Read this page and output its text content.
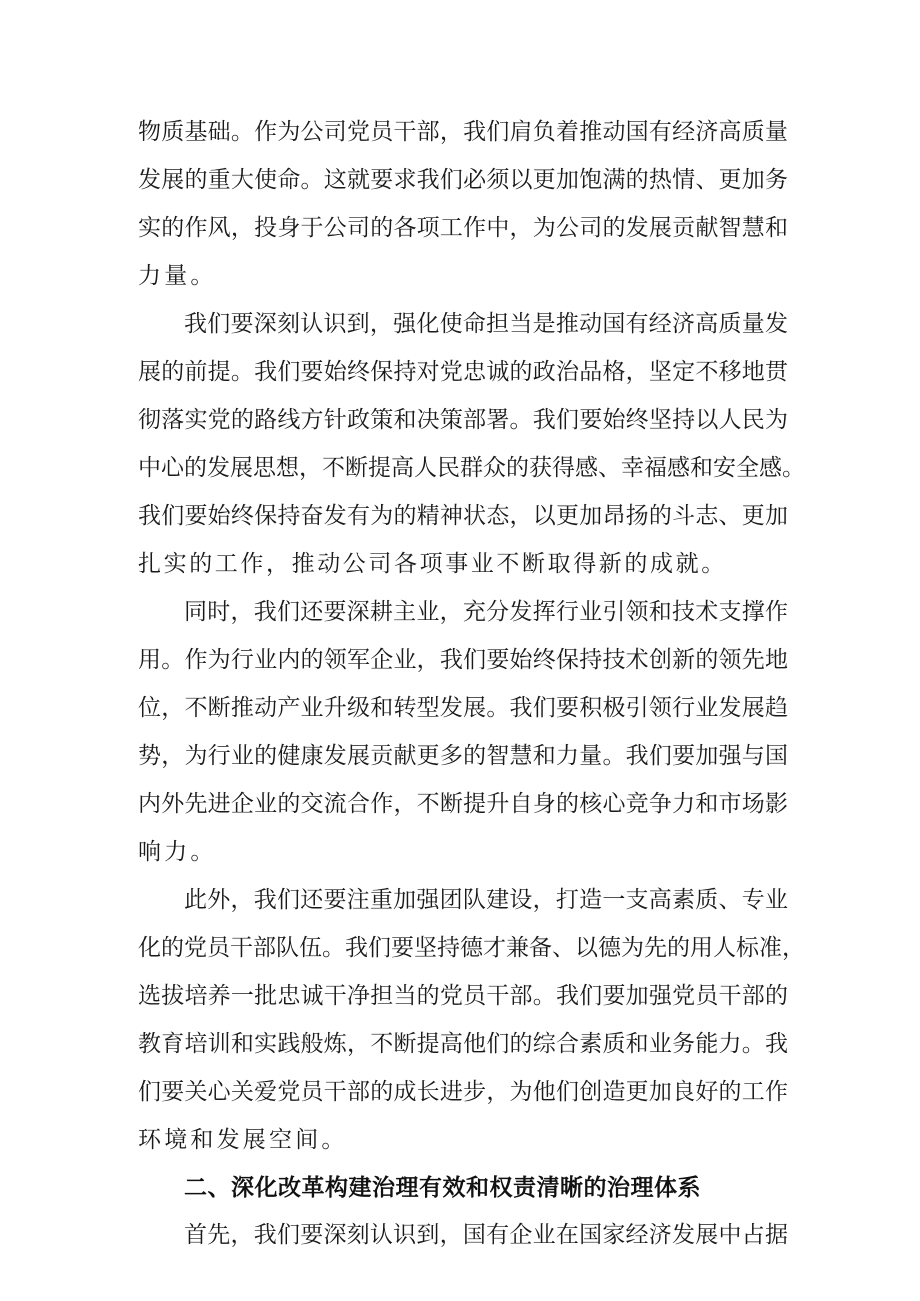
物质基础。作为公司党员干部，我们肩负着推动国有经济高质量
发展的重大使命。这就要求我们必须以更加饱满的热情、更加务
实的作风，投身于公司的各项工作中，为公司的发展贡献智慧和
力量。
我们要深刻认识到，强化使命担当是推动国有经济高质量发
展的前提。我们要始终保持对党忠诚的政治品格，坚定不移地贯
彻落实党的路线方针政策和决策部署。我们要始终坚持以人民为
中心的发展思想，不断提高人民群众的获得感、幸福感和安全感。
我们要始终保持奋发有为的精神状态，以更加昂扬的斗志、更加
扎实的工作，推动公司各项事业不断取得新的成就。
同时，我们还要深耕主业，充分发挥行业引领和技术支撑作
用。作为行业内的领军企业，我们要始终保持技术创新的领先地
位，不断推动产业升级和转型发展。我们要积极引领行业发展趋
势，为行业的健康发展贡献更多的智慧和力量。我们要加强与国
内外先进企业的交流合作，不断提升自身的核心竞争力和市场影
响力。
此外，我们还要注重加强团队建设，打造一支高素质、专业
化的党员干部队伍。我们要坚持德才兼备、以德为先的用人标准，
选拔培养一批忠诚干净担当的党员干部。我们要加强党员干部的
教育培训和实践般炼，不断提高他们的综合素质和业务能力。我
们要关心关爱党员干部的成长进步，为他们创造更加良好的工作
环境和发展空间。
二、深化改革构建治理有效和权责清晰的治理体系
首先，我们要深刻认识到，国有企业在国家经济发展中占据
